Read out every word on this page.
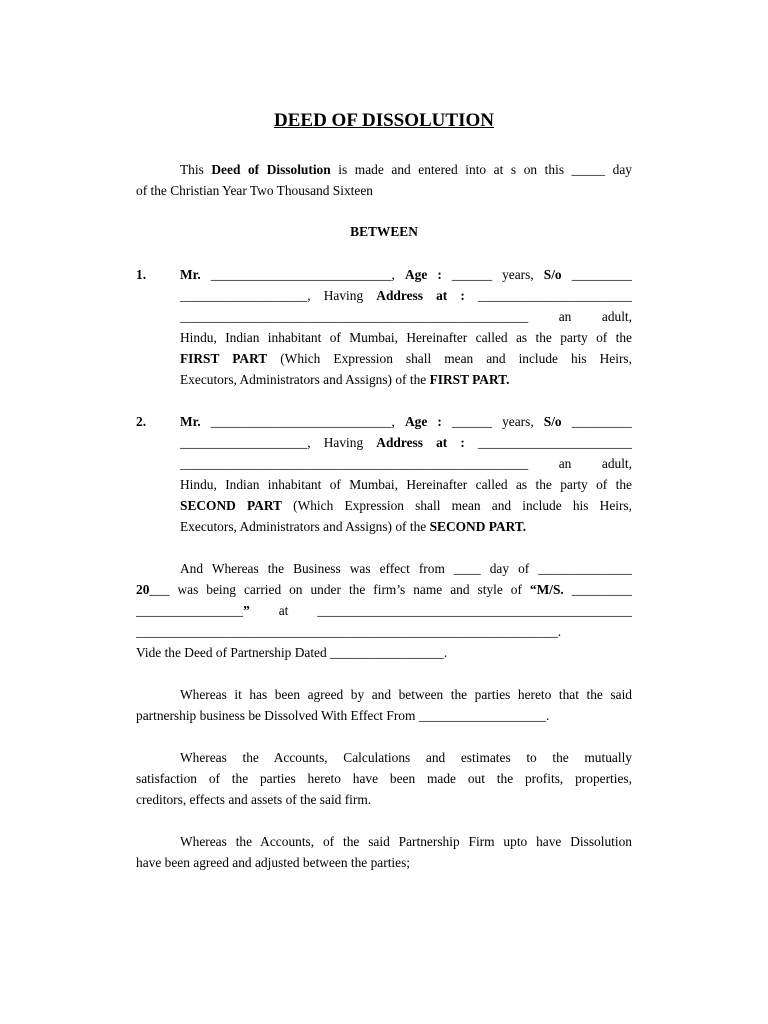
DEED OF DISSOLUTION
This Deed of Dissolution is made and entered into at s on this _____ day
of the Christian Year Two Thousand Sixteen
BETWEEN
1.	Mr. ___________________________, Age : ______ years, S/o _________
___________________, Having Address at : _______________________
____________________________________________________ an adult,
Hindu, Indian inhabitant of Mumbai, Hereinafter called as the party of the
FIRST PART (Which Expression shall mean and include his Heirs,
Executors, Administrators and Assigns) of the FIRST PART.
2.	Mr. ___________________________, Age : ______ years, S/o _________
___________________, Having Address at : _______________________
____________________________________________________ an adult,
Hindu, Indian inhabitant of Mumbai, Hereinafter called as the party of the
SECOND PART (Which Expression shall mean and include his Heirs,
Executors, Administrators and Assigns) of the SECOND PART.
And Whereas the Business was effect from ____ day of ______________
20___ was being carried on under the firm’s name and style of “M/S. _________
________________” at _______________________________________________
_______________________________________________________________.
Vide the Deed of Partnership Dated _________________.
Whereas it has been agreed by and between the parties hereto that the said
partnership business be Dissolved With Effect From ___________________.
Whereas the Accounts, Calculations and estimates to the mutually
satisfaction of the parties hereto have been made out the profits, properties,
creditors, effects and assets of the said firm.
Whereas the Accounts, of the said Partnership Firm upto have Dissolution
have been agreed and adjusted between the parties;
